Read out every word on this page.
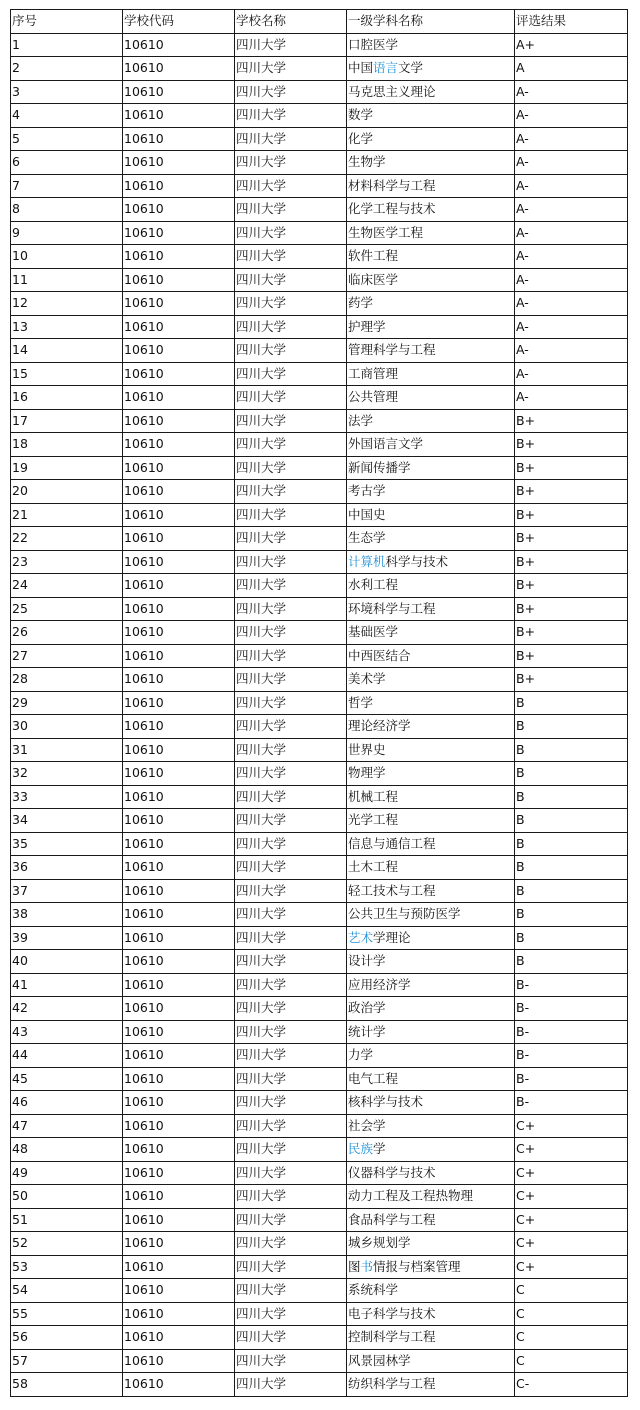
序号	学校代码	学校名称	一级学科名称	评选结果
1	10610	四川大学	口腔医学	A+
2	10610	四川大学	中国语言文学	A
3	10610	四川大学	马克思主义理论	A-
4	10610	四川大学	数学	A-
5	10610	四川大学	化学	A-
6	10610	四川大学	生物学	A-
7	10610	四川大学	材料科学与工程	A-
8	10610	四川大学	化学工程与技术	A-
9	10610	四川大学	生物医学工程	A-
10	10610	四川大学	软件工程	A-
11	10610	四川大学	临床医学	A-
12	10610	四川大学	药学	A-
13	10610	四川大学	护理学	A-
14	10610	四川大学	管理科学与工程	A-
15	10610	四川大学	工商管理	A-
16	10610	四川大学	公共管理	A-
17	10610	四川大学	法学	B+
18	10610	四川大学	外国语言文学	B+
19	10610	四川大学	新闻传播学	B+
20	10610	四川大学	考古学	B+
21	10610	四川大学	中国史	B+
22	10610	四川大学	生态学	B+
23	10610	四川大学	计算机科学与技术	B+
24	10610	四川大学	水利工程	B+
25	10610	四川大学	环境科学与工程	B+
26	10610	四川大学	基础医学	B+
27	10610	四川大学	中西医结合	B+
28	10610	四川大学	美术学	B+
29	10610	四川大学	哲学	B
30	10610	四川大学	理论经济学	B
31	10610	四川大学	世界史	B
32	10610	四川大学	物理学	B
33	10610	四川大学	机械工程	B
34	10610	四川大学	光学工程	B
35	10610	四川大学	信息与通信工程	B
36	10610	四川大学	土木工程	B
37	10610	四川大学	轻工技术与工程	B
38	10610	四川大学	公共卫生与预防医学	B
39	10610	四川大学	艺术学理论	B
40	10610	四川大学	设计学	B
41	10610	四川大学	应用经济学	B-
42	10610	四川大学	政治学	B-
43	10610	四川大学	统计学	B-
44	10610	四川大学	力学	B-
45	10610	四川大学	电气工程	B-
46	10610	四川大学	核科学与技术	B-
47	10610	四川大学	社会学	C+
48	10610	四川大学	民族学	C+
49	10610	四川大学	仪器科学与技术	C+
50	10610	四川大学	动力工程及工程热物理	C+
51	10610	四川大学	食品科学与工程	C+
52	10610	四川大学	城乡规划学	C+
53	10610	四川大学	图书情报与档案管理	C+
54	10610	四川大学	系统科学	C
55	10610	四川大学	电子科学与技术	C
56	10610	四川大学	控制科学与工程	C
57	10610	四川大学	风景园林学	C
58	10610	四川大学	纺织科学与工程	C-
